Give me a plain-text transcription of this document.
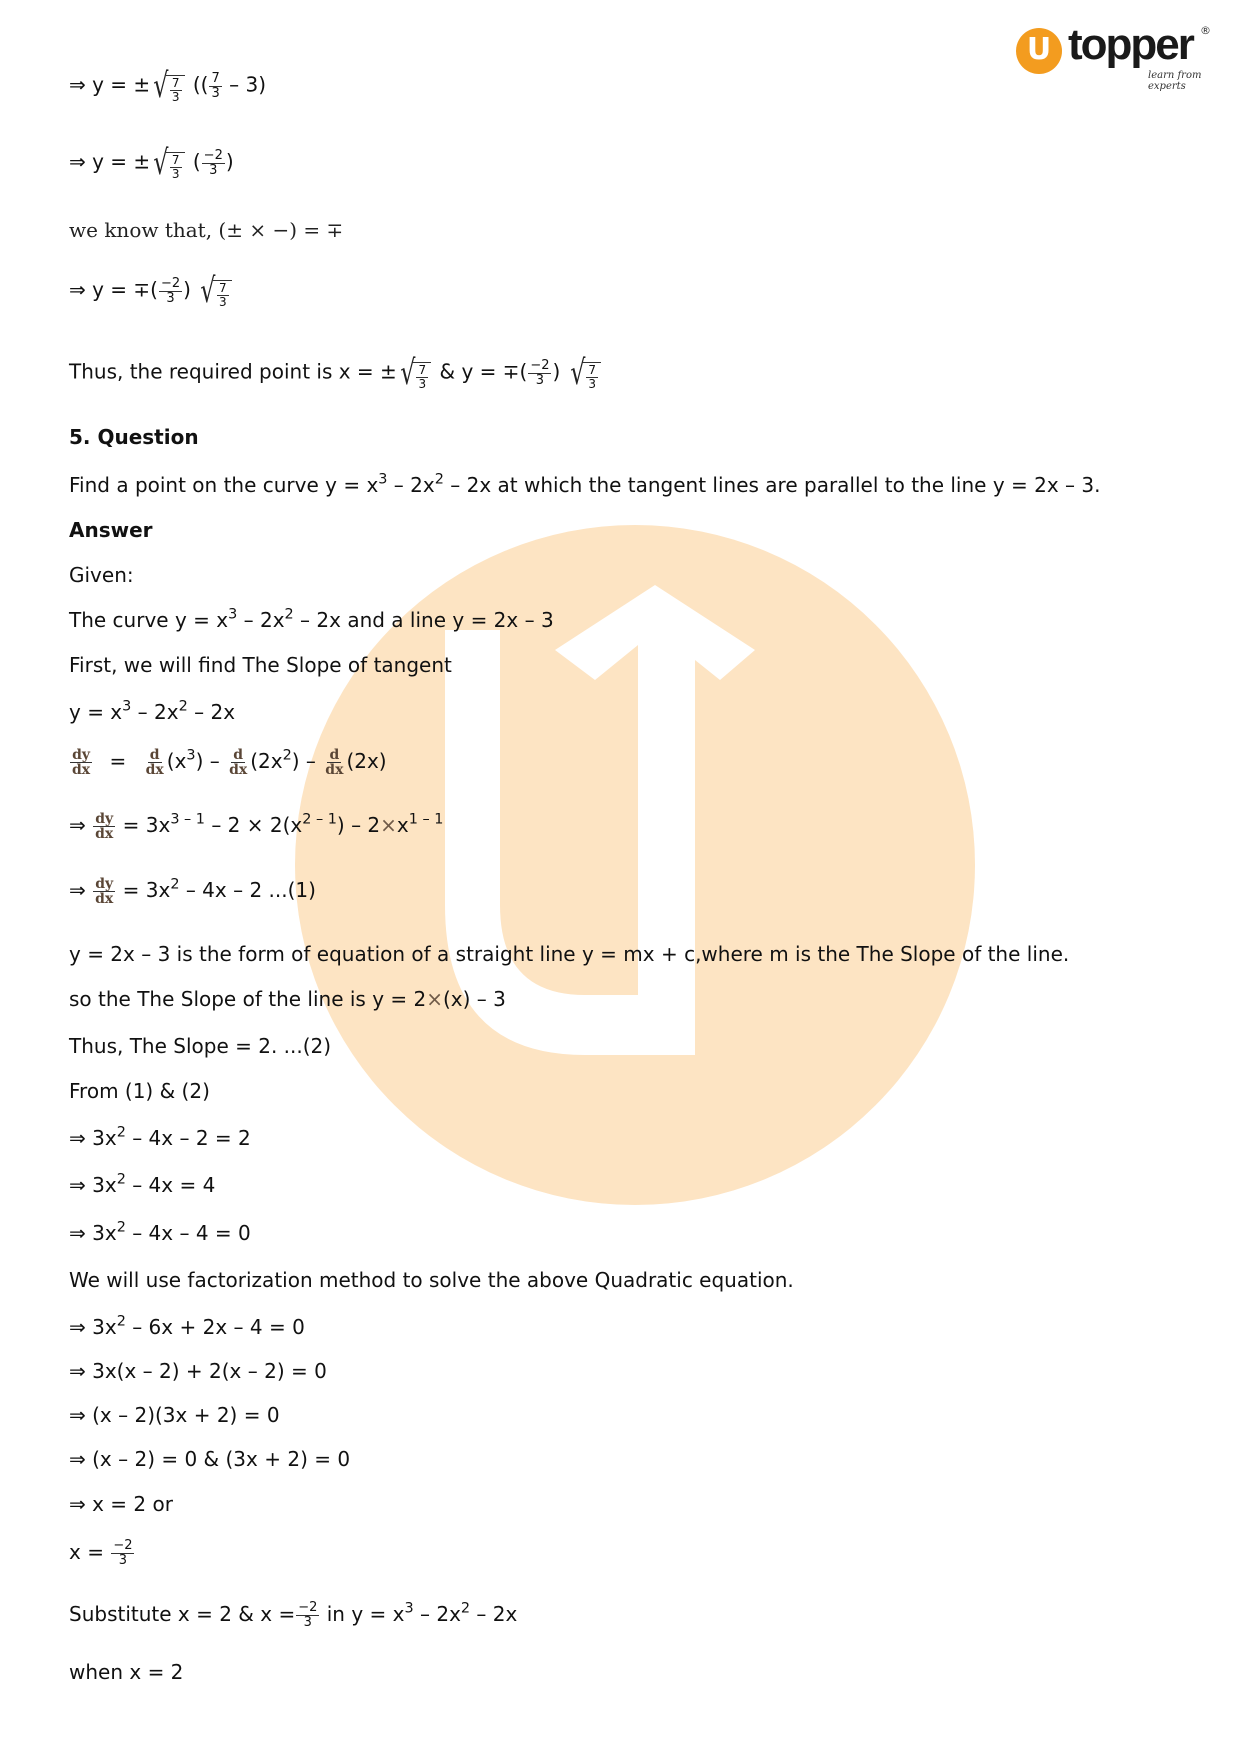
U topper ®
learn from experts
⇒ y = ± √ $\frac{7}{3}$ (( $\frac{7}{3} - 3$)
⇒ y = ± √ $\frac{7}{3}$ ( $\frac{-2}{3}$ )
we know that, (± × −) = ∓
⇒ y = ∓( $\frac{-2}{3}$ ) √ $\frac{7}{3}$
Thus, the required point is x = ± √ $\frac{7}{3}$ & y = ∓( $\frac{-2}{3}$ ) √ $\frac{7}{3}$
5. Question
Find a point on the curve $y = x^3 - 2x^2 - 2x$ at which the tangent lines are parallel to the line y = 2x – 3.
Answer
Given:
The curve $y = x^3 - 2x^2 - 2x$ and a line y = 2x – 3
First, we will find The Slope of tangent
$y = x^3 - 2x^2 - 2x$
$\frac{dy}{dx} = \frac{d}{dx} (x^3) - \frac{d}{dx} (2x^2) - \frac{d}{dx} (2x)$
⇒ $\frac{dy}{dx} = 3x^{3 - 1} - 2 \times 2(x^{2 - 1}) - 2\times x^{1 - 1}$
⇒ $\frac{dy}{dx} = 3x^2 - 4x - 2$ ...(1)
y = 2x – 3 is the form of equation of a straight line y = mx + c,where m is the The Slope of the line.
so the The Slope of the line is y = 2×(x) – 3
Thus, The Slope = 2. ...(2)
From (1) & (2)
⇒ $3x^2 - 4x - 2 = 2$
⇒ $3x^2 - 4x = 4$
⇒ $3x^2 - 4x - 4 = 0$
We will use factorization method to solve the above Quadratic equation.
⇒ $3x^2 - 6x + 2x - 4 = 0$
⇒ 3x(x – 2) + 2(x – 2) = 0
⇒ (x – 2)(3x + 2) = 0
⇒ (x – 2) = 0 & (3x + 2) = 0
⇒ x = 2 or
$x = \frac{-2}{3}$
Substitute x = 2 & $x = \frac{-2}{3}$ in $y = x^3 - 2x^2 - 2x$
when x = 2
